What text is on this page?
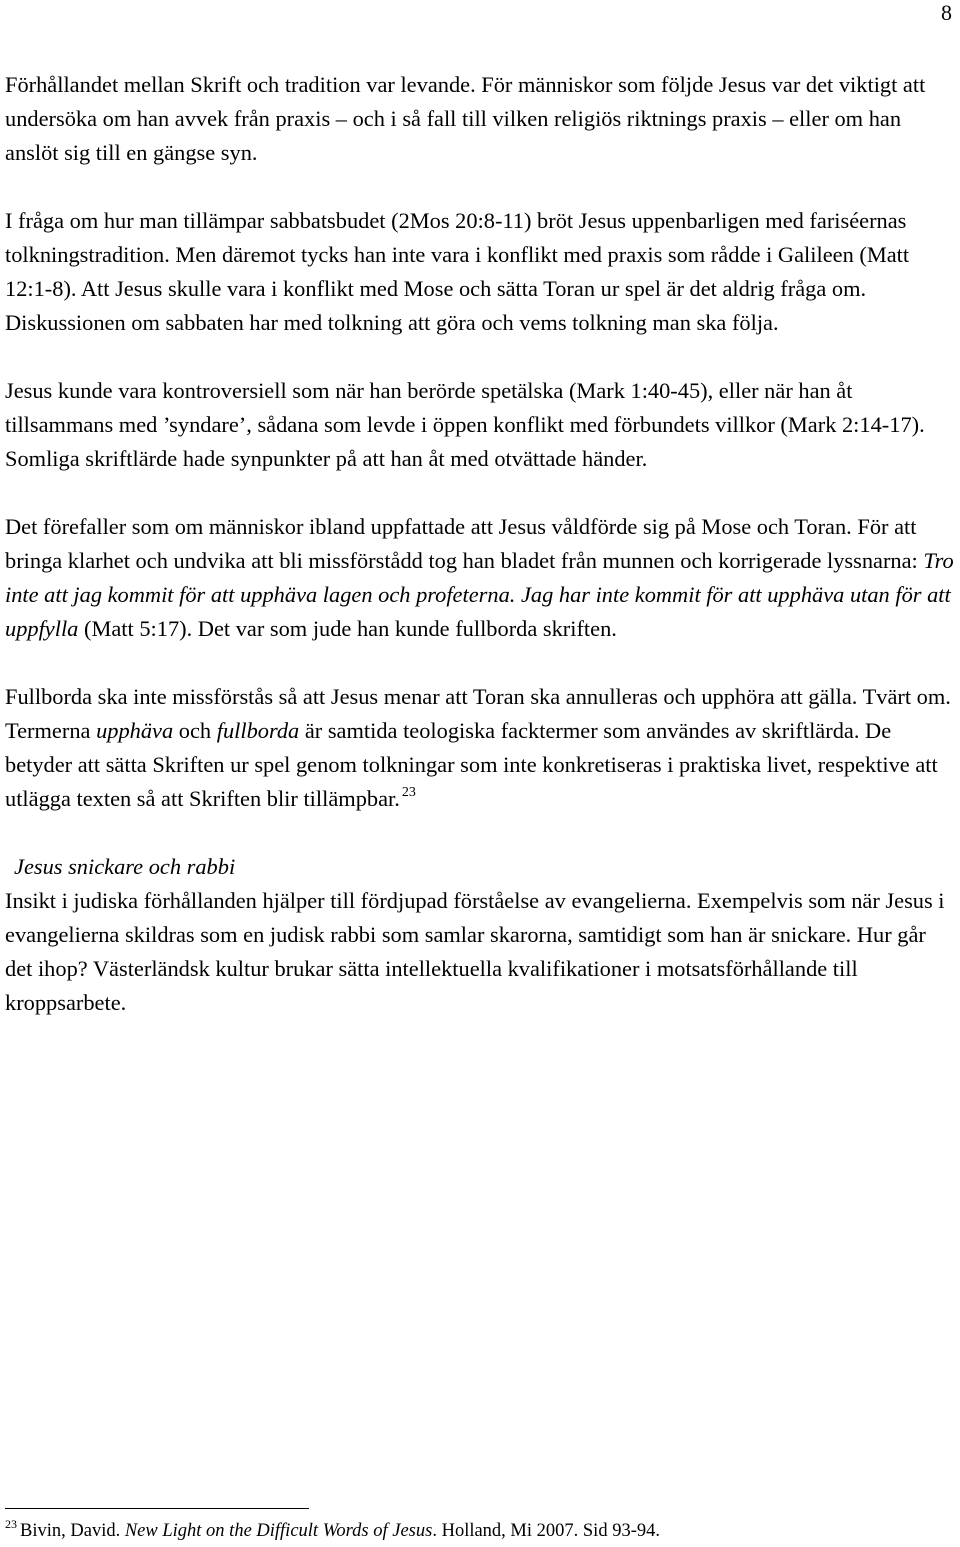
8

Förhållandet mellan Skrift och tradition var levande. För människor som följde Jesus var det viktigt att undersöka om han avvek från praxis – och i så fall till vilken religiös riktnings praxis – eller om han anslöt sig till en gängse syn.

I fråga om hur man tillämpar sabbatsbudet (2Mos 20:8-11) bröt Jesus uppenbarligen med fariséernas tolkningstradition. Men däremot tycks han inte vara i konflikt med praxis som rådde i Galileen (Matt 12:1-8). Att Jesus skulle vara i konflikt med Mose och sätta Toran ur spel är det aldrig fråga om. Diskussionen om sabbaten har med tolkning att göra och vems tolkning man ska följa.

Jesus kunde vara kontroversiell som när han berörde spetälska (Mark 1:40-45), eller när han åt tillsammans med ’syndare’, sådana som levde i öppen konflikt med förbundets villkor (Mark 2:14-17). Somliga skriftlärde hade synpunkter på att han åt med otvättade händer.

Det förefaller som om människor ibland uppfattade att Jesus våldförde sig på Mose och Toran. För att bringa klarhet och undvika att bli missförstådd tog han bladet från munnen och korrigerade lyssnarna: Tro inte att jag kommit för att upphäva lagen och profeterna. Jag har inte kommit för att upphäva utan för att uppfylla (Matt 5:17). Det var som jude han kunde fullborda skriften.

Fullborda ska inte missförstås så att Jesus menar att Toran ska annulleras och upphöra att gälla. Tvärt om. Termerna upphäva och fullborda är samtida teologiska facktermer som användes av skriftlärda. De betyder att sätta Skriften ur spel genom tolkningar som inte konkretiseras i praktiska livet, respektive att utlägga texten så att Skriften blir tillämpbar. $^{23}$

Jesus snickare och rabbi

Insikt i judiska förhållanden hjälper till fördjupad förståelse av evangelierna. Exempelvis som när Jesus i evangelierna skildras som en judisk rabbi som samlar skarorna, samtidigt som han är snickare. Hur går det ihop? Västerländsk kultur brukar sätta intellektuella kvalifikationer i motsatsförhållande till kroppsarbete.

$^{23}$ Bivin, David. New Light on the Difficult Words of Jesus. Holland, Mi 2007. Sid 93-94.
